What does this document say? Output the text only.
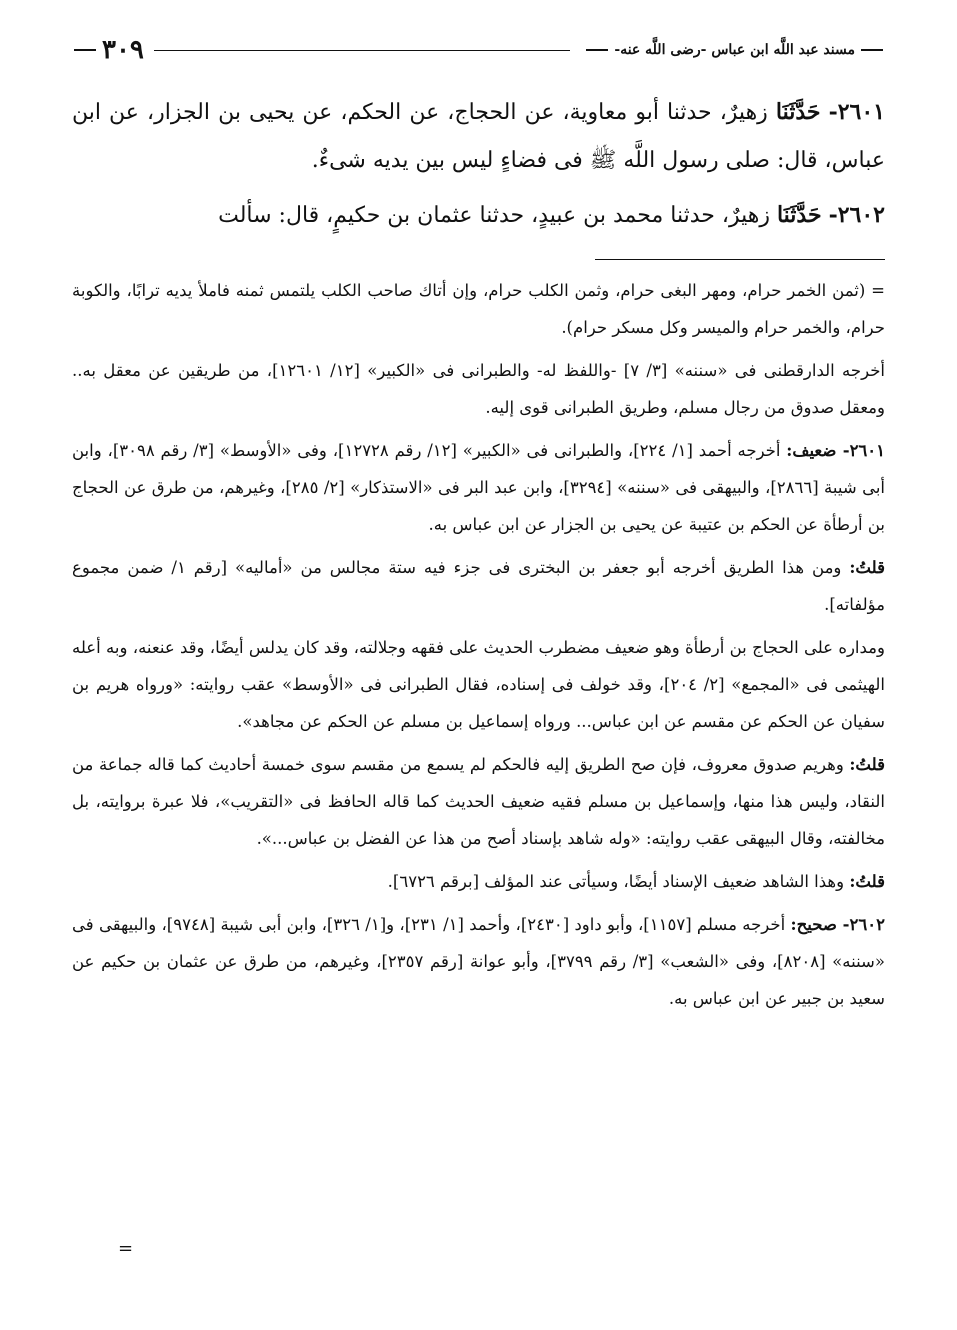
مسند عبد اللَّه ابن عباس -رضى اللَّه عنه-
٣٠٩

٢٦٠١- حَدَّثَنَا زهيرٌ، حدثنا أبو معاوية، عن الحجاج، عن الحكم، عن يحيى بن الجزار، عن ابن عباس، قال: صلى رسول اللَّه ﷺ فى فضاءٍ ليس بين يديه شىءٌ.

٢٦٠٢- حَدَّثَنَا زهيرٌ، حدثنا محمد بن عبيدٍ، حدثنا عثمان بن حكيمٍ، قال: سألت

= (ثمن الخمر حرام، ومهر البغى حرام، وثمن الكلب حرام، وإن أتاك صاحب الكلب يلتمس ثمنه فاملأ يديه ترابًا، والكوبة حرام، والخمر حرام والميسر وكل مسكر حرام).

أخرجه الدارقطنى فى «سننه» [٣/ ٧] -واللفظ له- والطبرانى فى «الكبير» [١٢/ ١٢٦٠١]، من طريقين عن معقل به.. ومعقل صدوق من رجال مسلم، وطريق الطبرانى قوى إليه.

٢٦٠١- ضعيف: أخرجه أحمد [١/ ٢٢٤]، والطبرانى فى «الكبير» [١٢/ رقم ١٢٧٢٨]، وفى «الأوسط» [٣/ رقم ٣٠٩٨]، وابن أبى شيبة [٢٨٦٦]، والبيهقى فى «سننه» [٣٢٩٤]، وابن عبد البر فى «الاستذكار» [٢/ ٢٨٥]، وغيرهم، من طرق عن الحجاج بن أرطأة عن الحكم بن عتيبة عن يحيى بن الجزار عن ابن عباس به.

قلتُ: ومن هذا الطريق أخرجه أبو جعفر بن البخترى فى جزء فيه ستة مجالس من «أماليه» [رقم ١/ ضمن مجموع مؤلفاته].

ومداره على الحجاج بن أرطأة وهو ضعيف مضطرب الحديث على فقهه وجلالته، وقد كان يدلس أيضًا، وقد عنعنه، وبه أعله الهيثمى فى «المجمع» [٢/ ٢٠٤]، وقد خولف فى إسناده، فقال الطبرانى فى «الأوسط» عقب روايته: «ورواه هريم بن سفيان عن الحكم عن مقسم عن ابن عباس... ورواه إسماعيل بن مسلم عن الحكم عن مجاهد».

قلتُ: وهريم صدوق معروف، فإن صح الطريق إليه فالحكم لم يسمع من مقسم سوى خمسة أحاديث كما قاله جماعة من النقاد، وليس هذا منها، وإسماعيل بن مسلم فقيه ضعيف الحديث كما قاله الحافظ فى «التقريب»، فلا عبرة بروايته، بل مخالفته، وقال البيهقى عقب روايته: «وله شاهد بإسناد أصح من هذا عن الفضل بن عباس...».

قلتُ: وهذا الشاهد ضعيف الإسناد أيضًا، وسيأتى عند المؤلف [برقم ٦٧٢٦].

٢٦٠٢- صحيح: أخرجه مسلم [١١٥٧]، وأبو داود [٢٤٣٠]، وأحمد [١/ ٢٣١]، و[١/ ٣٢٦]، وابن أبى شيبة [٩٧٤٨]، والبيهقى فى «سننه» [٨٢٠٨]، وفى «الشعب» [٣/ رقم ٣٧٩٩]، وأبو عوانة [رقم ٢٣٥٧]، وغيرهم، من طرق عن عثمان بن حكيم عن سعيد بن جبير عن ابن عباس به.

=
